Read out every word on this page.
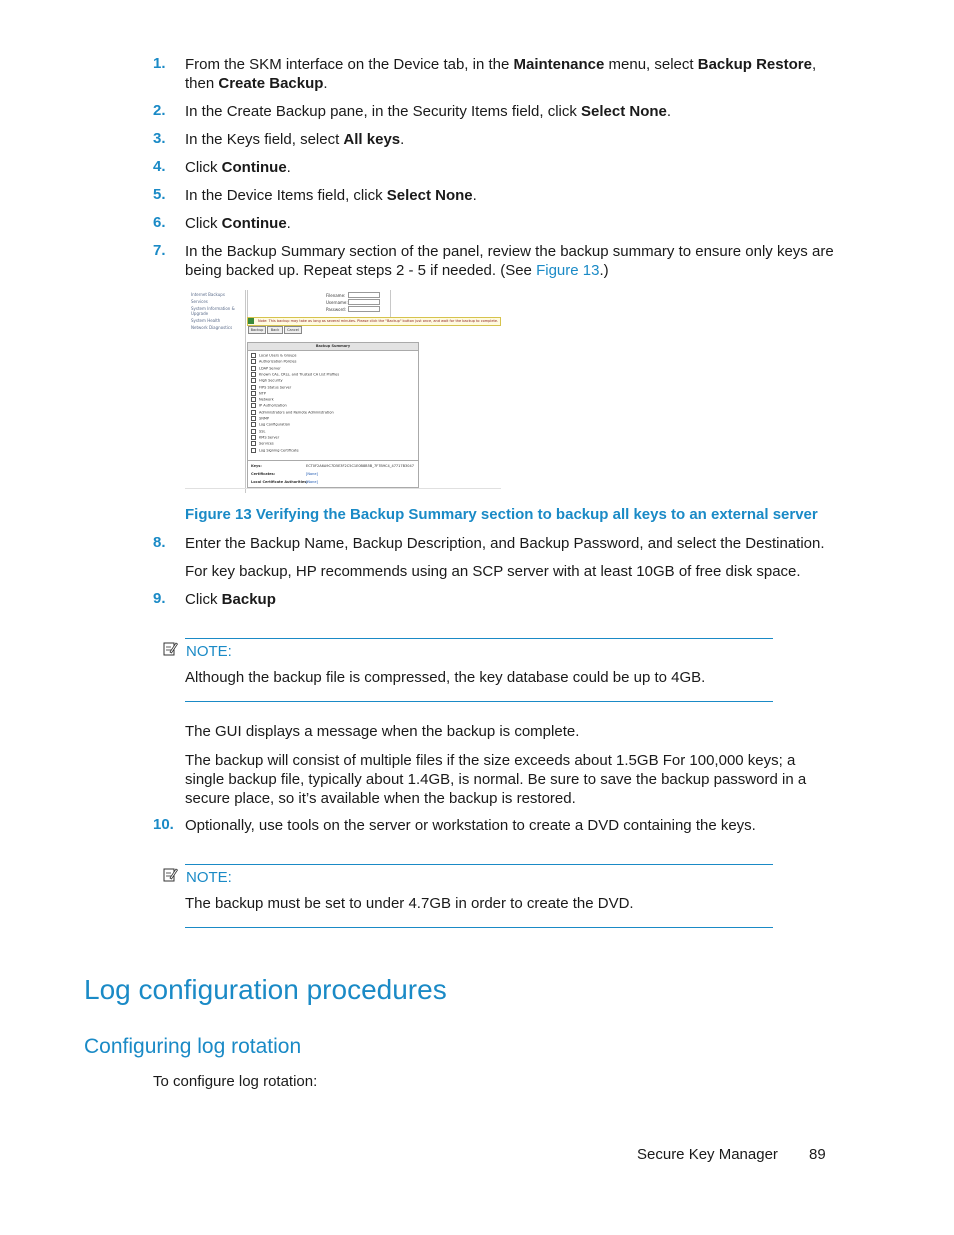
1. From the SKM interface on the Device tab, in the Maintenance menu, select Backup Restore, then Create Backup.
2. In the Create Backup pane, in the Security Items field, click Select None.
3. In the Keys field, select All keys.
4. Click Continue.
5. In the Device Items field, click Select None.
6. Click Continue.
7. In the Backup Summary section of the panel, review the backup summary to ensure only keys are being backed up. Repeat steps 2 - 5 if needed. (See Figure 13.)
Internet Backups
Services
System Information & Upgrade
System Health
Network Diagnostics
Filename:
Username:
Password:
Note: This backup may take as long as several minutes. Please click the "Backup" button just once, and wait for the backup to complete.
Backup	Back	Cancel
Backup Summary
Local Users & Groups
Authorization Policies
LDAP Server
Known CAs, CRLs, and Trusted CA List Profiles
High Security
FIPS Status Server
NTP
Network
IP Authorization
Administrators and Remote Administration
SNMP
Log Configuration
SSL
KMS Server
Services
Log Signing Certificate
Keys:	ECT0F2A6A9C7D5E3F2C5C1E0B8B5B_7F7B9C4_47717B3047
Certificates:	[None]
Local Certificate Authorities:
[None]
Figure 13 Verifying the Backup Summary section to backup all keys to an external server
8. Enter the Backup Name, Backup Description, and Backup Password, and select the Destination.
For key backup, HP recommends using an SCP server with at least 10GB of free disk space.
9. Click Backup
NOTE:
Although the backup file is compressed, the key database could be up to 4GB.
The GUI displays a message when the backup is complete.
The backup will consist of multiple files if the size exceeds about 1.5GB For 100,000 keys; a single backup file, typically about 1.4GB, is normal. Be sure to save the backup password in a secure place, so it’s available when the backup is restored.
10. Optionally, use tools on the server or workstation to create a DVD containing the keys.
NOTE:
The backup must be set to under 4.7GB in order to create the DVD.
Log configuration procedures
Configuring log rotation
To configure log rotation:
Secure Key Manager 89
